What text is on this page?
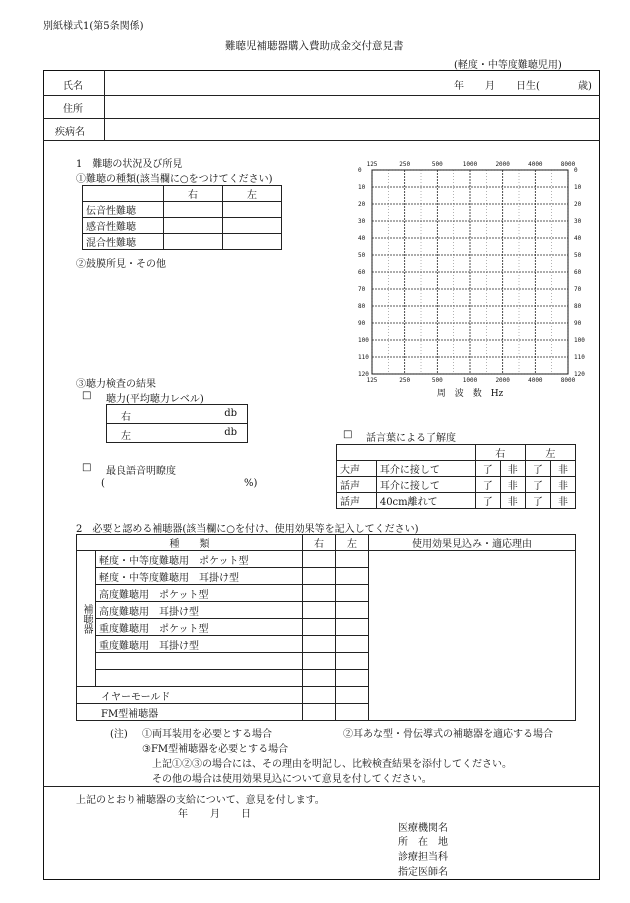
別紙様式1(第5条関係)
難聴児補聴器購入費助成金交付意見書
(軽度・中等度難聴児用)
氏名	年 月 日生(	歳)
住所
疾病名
1　難聴の状況及び所見
①難聴の種類(該当欄に○をつけてください)
	右	左
伝音性難聴		
感音性難聴		
混合性難聴		
②鼓膜所見・その他
125
125
250
250
500
500
1000
1000
2000
2000
4000
4000
8000
8000
0	0
10	10
20	20
30	30
40	40
50	50
60	60
70	70
80	80
90	90
100	100
110	110
120	120
周　波　数　Hz
③聴力検査の結果
□ 聴力(平均聴力レベル)
右	db

左	db
□ 最良語音明瞭度
(	%)
□ 話言葉による了解度
		右		左	
大声	耳介に接して	了	非	了	非
話声	耳介に接して	了	非	了	非
話声	40cm離れて	了	非	了	非
2　必要と認める補聴器(該当欄に○を付け、使用効果等を記入してください)
種　　類		右	左	使用効果見込み・適応理由
補聴器	軽度・中等度難聴用　ポケット型			
	軽度・中等度難聴用　耳掛け型			
	高度難聴用　ポケット型			
	高度難聴用　耳掛け型			
	重度難聴用　ポケット型			
	重度難聴用　耳掛け型			

イヤーモールド				
FM型補聴器				
(注) ①両耳装用を必要とする場合	②耳あな型・骨伝導式の補聴器を適応する場合
③FM型補聴器を必要とする場合
上記①②③の場合には、その理由を明記し、比較検査結果を添付してください。
その他の場合は使用効果見込について意見を付してください。
上記のとおり補聴器の支給について、意見を付します。
年 月 日
医療機関名
所　在　地
診療担当科
指定医師名
